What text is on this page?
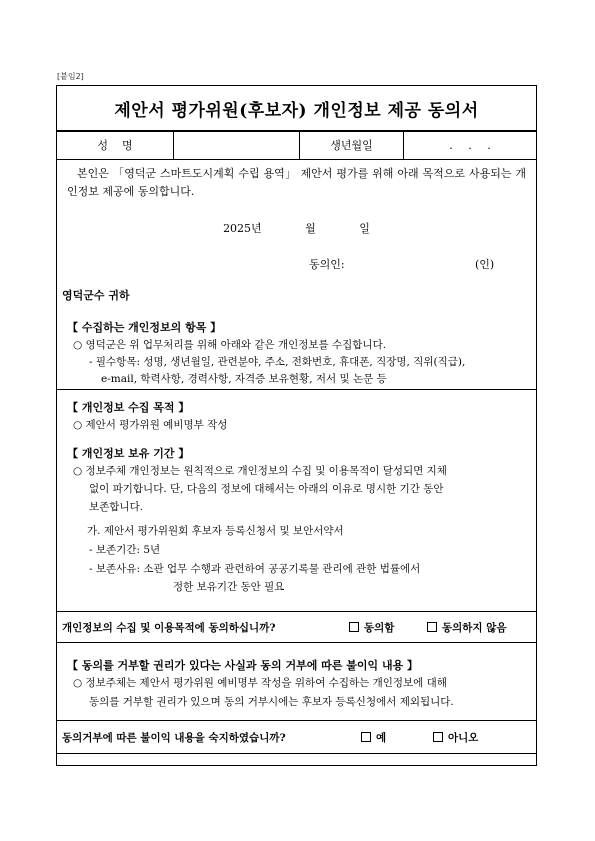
[붙임2]
제안서 평가위원(후보자) 개인정보 제공 동의서
성명	생년월일	. . .
본인은 「영덕군 스마트도시계획 수립 용역」 제안서 평가를 위해 아래 목적으로 사용되는 개인정보 제공에 동의합니다.
2025년 월 일
동의인:	(인)
영덕군수 귀하
【 수집하는 개인정보의 항목 】
○ 영덕군은 위 업무처리를 위해 아래와 같은 개인정보를 수집합니다.
- 필수항목: 성명, 생년월일, 관련분야, 주소, 전화번호, 휴대폰, 직장명, 직위(직급),
e-mail, 학력사항, 경력사항, 자격증 보유현황, 저서 및 논문 등
【 개인정보 수집 목적 】
○ 제안서 평가위원 예비명부 작성
【 개인정보 보유 기간 】
○ 정보주체 개인정보는 원칙적으로 개인정보의 수집 및 이용목적이 달성되면 지체
없이 파기합니다. 단, 다음의 정보에 대해서는 아래의 이유로 명시한 기간 동안
보존합니다.
가. 제안서 평가위원회 후보자 등록신청서 및 보안서약서
- 보존기간: 5년
- 보존사유: 소관 업무 수행과 관련하여 공공기록물 관리에 관한 법률에서
정한 보유기간 동안 필요
개인정보의 수집 및 이용목적에 동의하십니까?	동의함	동의하지 않음
【 동의를 거부할 권리가 있다는 사실과 동의 거부에 따른 불이익 내용 】
○ 정보주체는 제안서 평가위원 예비명부 작성을 위하여 수집하는 개인정보에 대해
동의를 거부할 권리가 있으며 동의 거부시에는 후보자 등록신청에서 제외됩니다.
동의거부에 따른 불이익 내용을 숙지하였습니까?	예	아니오
